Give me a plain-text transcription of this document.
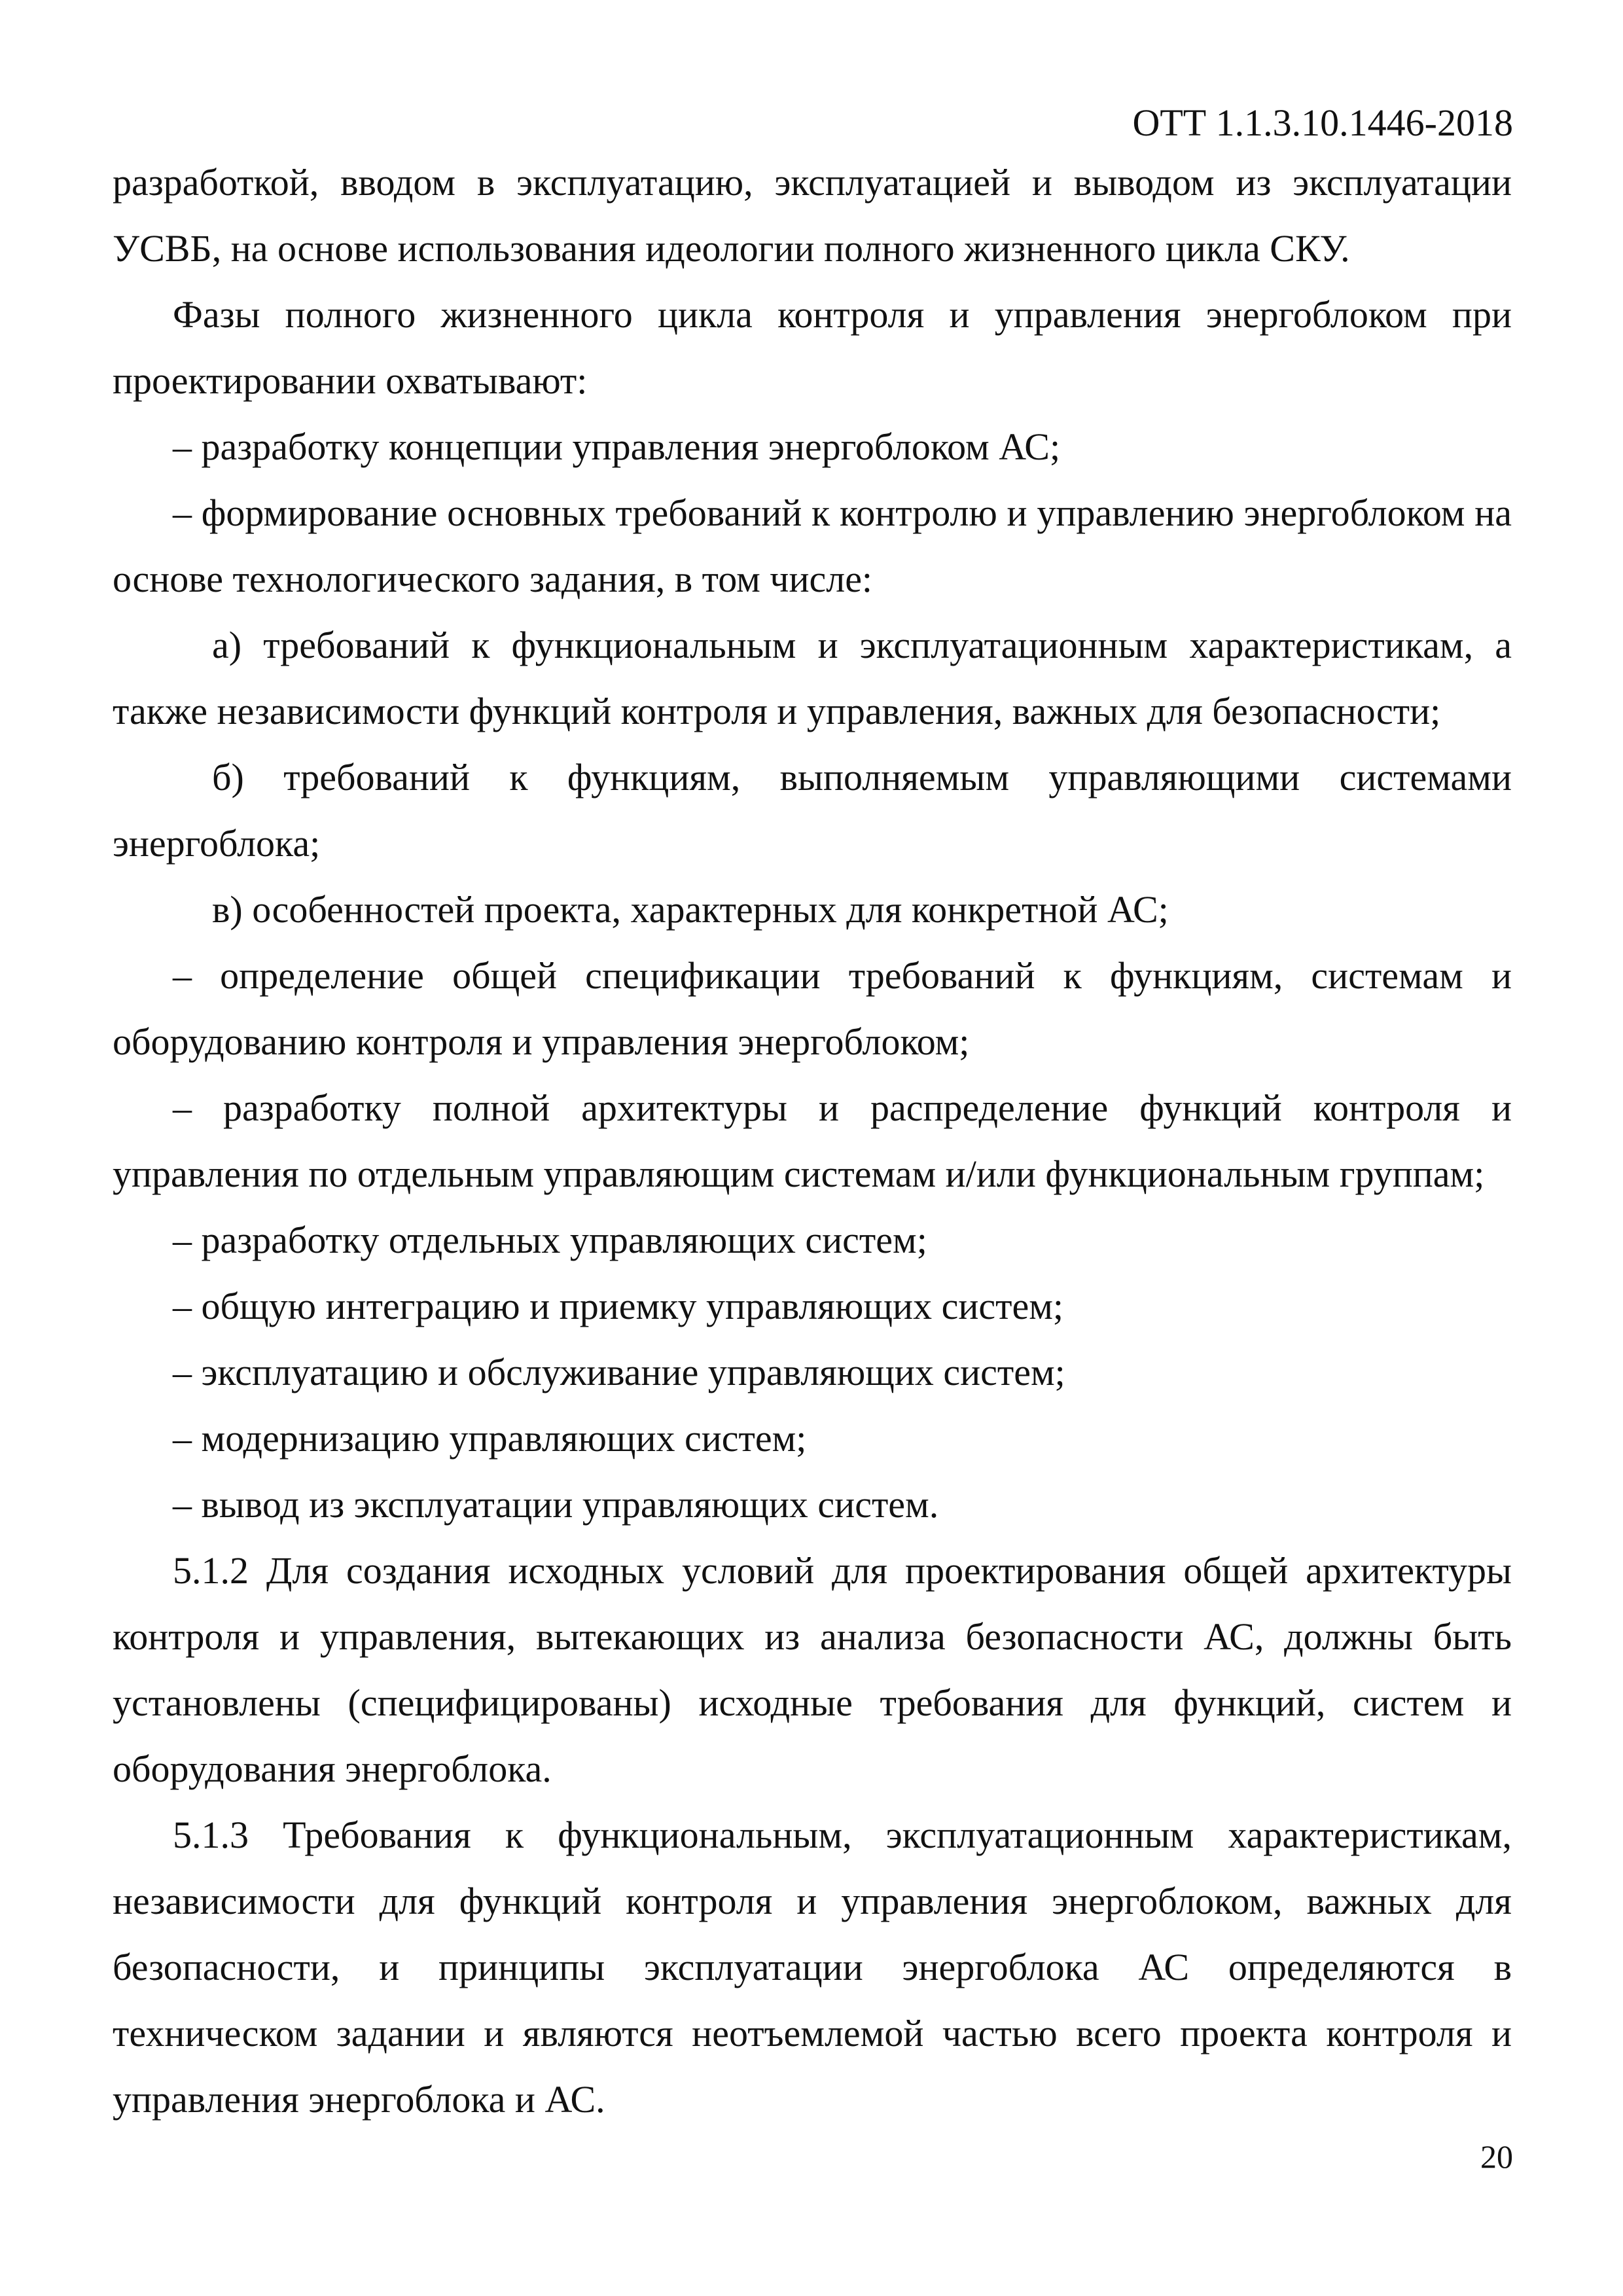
ОТТ 1.1.3.10.1446-2018

разработкой, вводом в эксплуатацию, эксплуатацией и выводом из эксплуатации УСВБ, на основе использования идеологии полного жизненного цикла СКУ.

Фазы полного жизненного цикла контроля и управления энергоблоком при проектировании охватывают:

– разработку концепции управления энергоблоком АС;

– формирование основных требований к контролю и управлению энергоблоком на основе технологического задания, в том числе:

а) требований к функциональным и эксплуатационным характеристикам, а также независимости функций контроля и управления, важных для безопасности;

б) требований к функциям, выполняемым управляющими системами энергоблока;

в) особенностей проекта, характерных для конкретной АС;

– определение общей спецификации требований к функциям, системам и оборудованию контроля и управления энергоблоком;

– разработку полной архитектуры и распределение функций контроля и управления по отдельным управляющим системам и/или функциональным группам;

– разработку отдельных управляющих систем;

– общую интеграцию и приемку управляющих систем;

– эксплуатацию и обслуживание управляющих систем;

– модернизацию управляющих систем;

– вывод из эксплуатации управляющих систем.

5.1.2 Для создания исходных условий для проектирования общей архитектуры контроля и управления, вытекающих из анализа безопасности АС, должны быть установлены (специфицированы) исходные требования для функций, систем и оборудования энергоблока.

5.1.3 Требования к функциональным, эксплуатационным характеристикам, независимости для функций контроля и управления энергоблоком, важных для безопасности, и принципы эксплуатации энергоблока АС определяются в техническом задании и являются неотъемлемой частью всего проекта контроля и управления энергоблока и АС.

20
